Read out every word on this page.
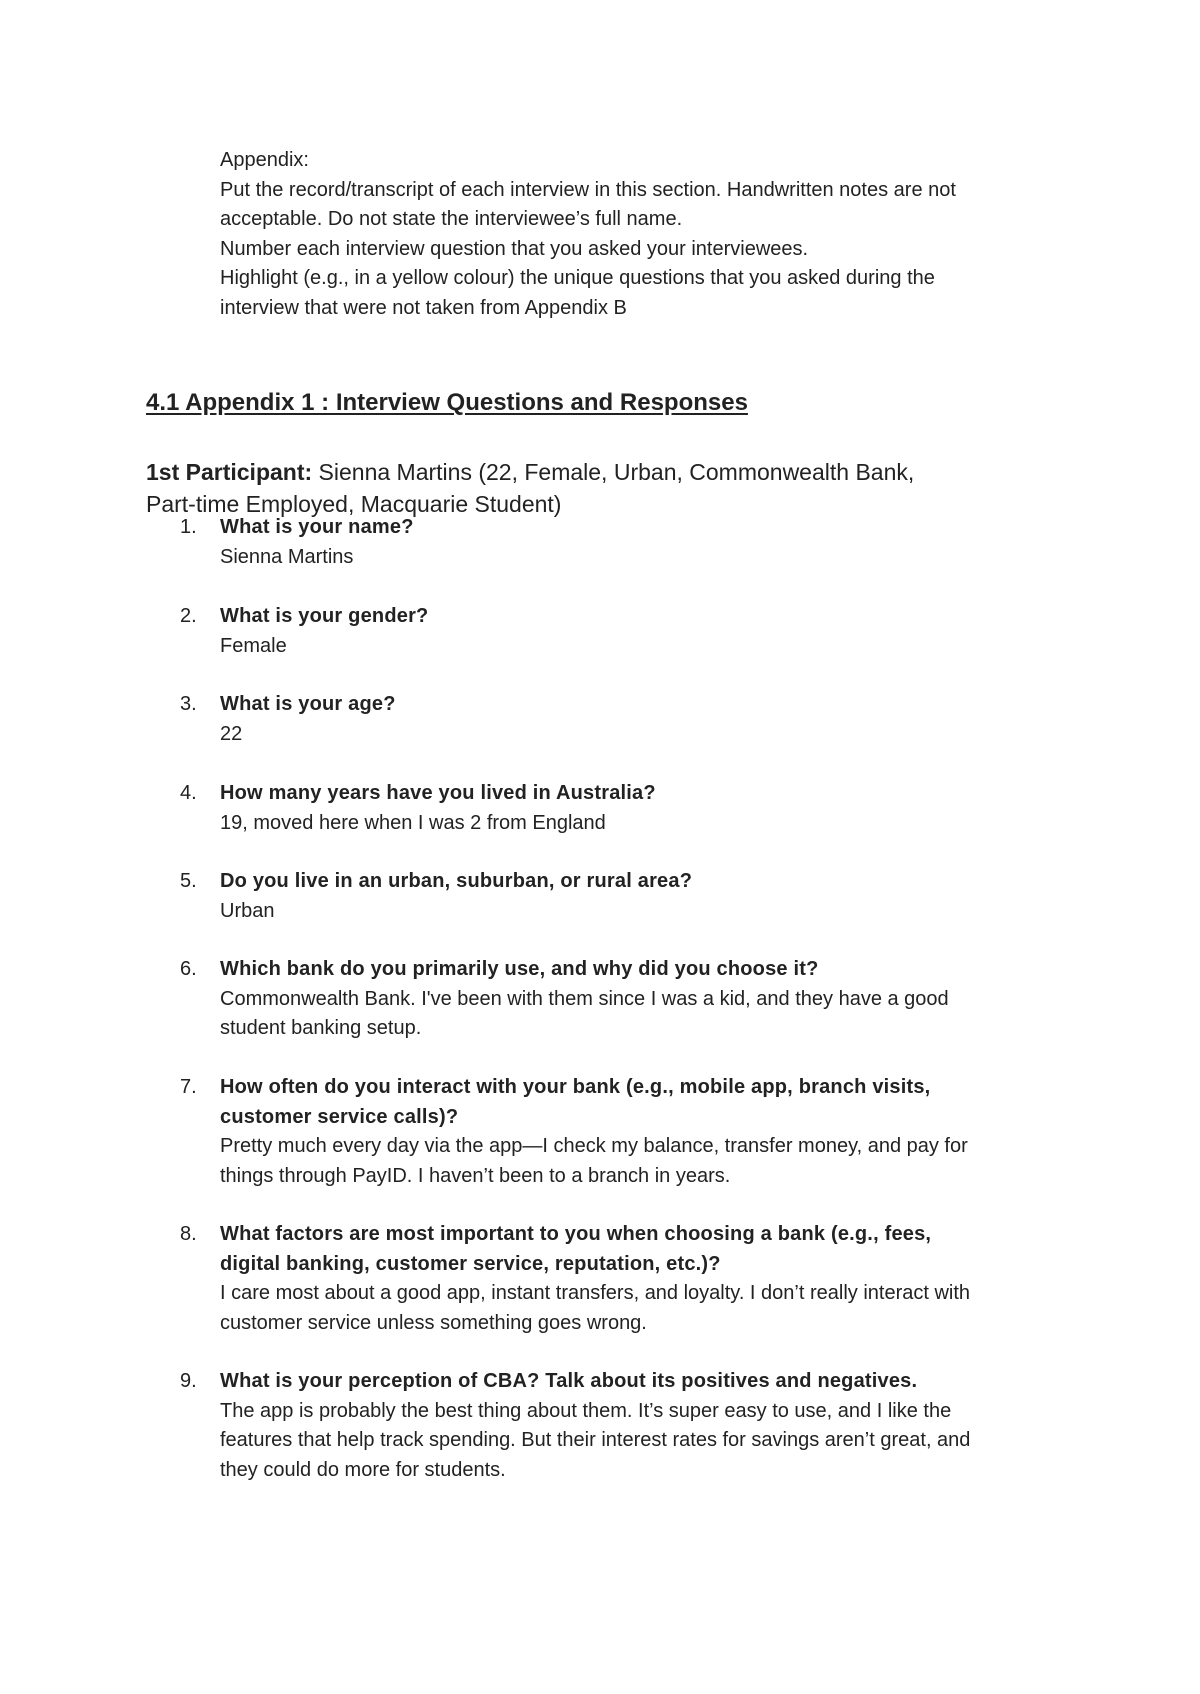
Appendix:

Put the record/transcript of each interview in this section. Handwritten notes are not

acceptable. Do not state the interviewee’s full name.

Number each interview question that you asked your interviewees.

Highlight (e.g., in a yellow colour) the unique questions that you asked during the

interview that were not taken from Appendix B

4.1 Appendix 1 : Interview Questions and Responses

1st Participant: Sienna Martins (22, Female, Urban, Commonwealth Bank,
Part-time Employed, Macquarie Student)

1.	What is your name?

Sienna Martins
2.	What is your gender?

Female
3.	What is your age?

22
4.	How many years have you lived in Australia?

19, moved here when I was 2 from England
5.	Do you live in an urban, suburban, or rural area?

Urban
6.	Which bank do you primarily use, and why did you choose it?

Commonwealth Bank. I've been with them since I was a kid, and they have a good
student banking setup.
7.	How often do you interact with your bank (e.g., mobile app, branch visits,
customer service calls)?

Pretty much every day via the app—I check my balance, transfer money, and pay for
things through PayID. I haven’t been to a branch in years.
8.	What factors are most important to you when choosing a bank (e.g., fees,
digital banking, customer service, reputation, etc.)?

I care most about a good app, instant transfers, and loyalty. I don’t really interact with
customer service unless something goes wrong.
9.	What is your perception of CBA? Talk about its positives and negatives.

The app is probably the best thing about them. It’s super easy to use, and I like the
features that help track spending. But their interest rates for savings aren’t great, and
they could do more for students.
